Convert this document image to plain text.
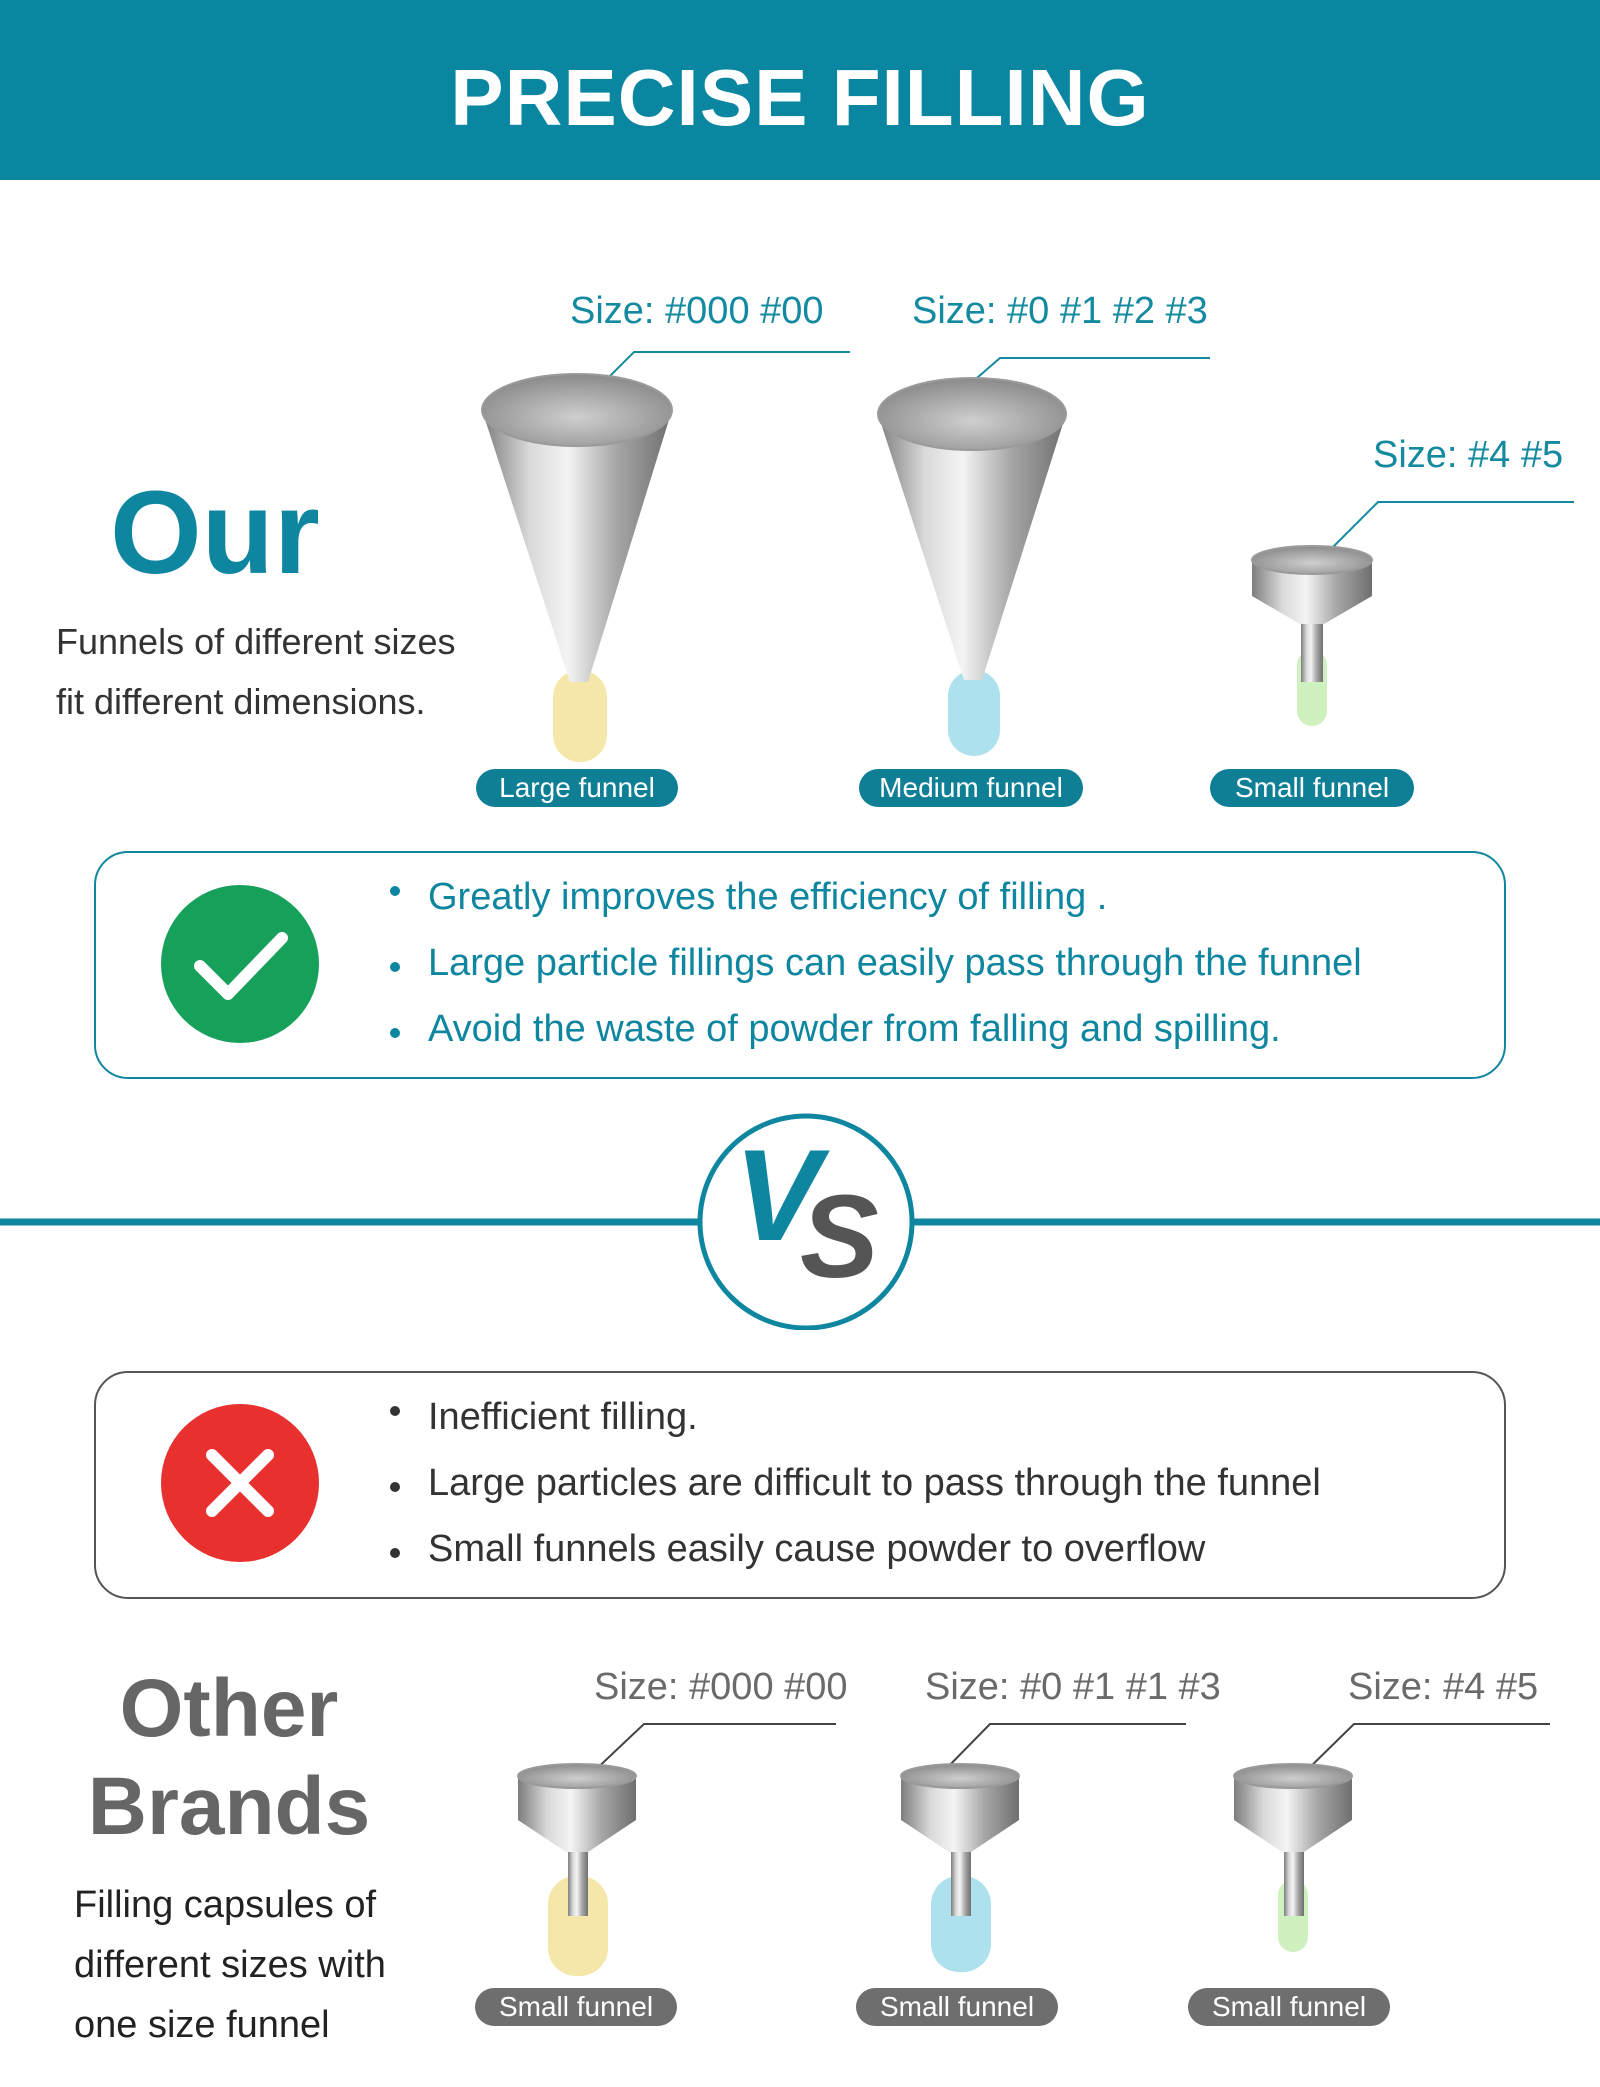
PRECISE FILLING
Size: #000 #00 Size: #0 #1 #2 #3
Size: #4 #5
Large funnel	Medium funnel	Small funnel
Our
Funnels of different sizes
fit different dimensions.
Greatly improves the efficiency of filling .
Large particle fillings can easily pass through the funnel
Avoid the waste of powder from falling and spilling.
V
S
Inefficient filling.
Large particles are difficult to pass through the funnel
Small funnels easily cause powder to overflow
Other
Brands
Filling capsules of
different sizes with
one size funnel
Size: #000 #00 Size: #0 #1 #1 #3	Size: #4 #5
Small funnel	Small funnel	Small funnel
